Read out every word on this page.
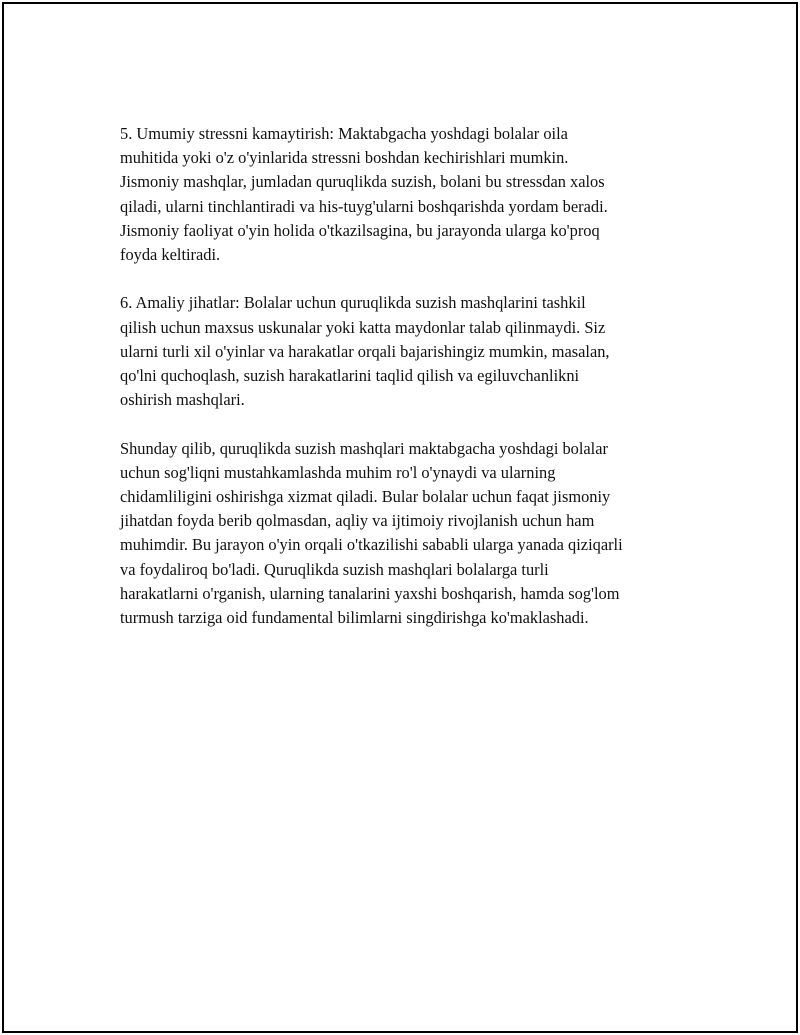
5. Umumiy stressni kamaytirish: Maktabgacha yoshdagi bolalar oila
muhitida yoki o'z o'yinlarida stressni boshdan kechirishlari mumkin.
Jismoniy mashqlar, jumladan quruqlikda suzish, bolani bu stressdan xalos
qiladi, ularni tinchlantiradi va his-tuyg'ularni boshqarishda yordam beradi.
Jismoniy faoliyat o'yin holida o'tkazilsagina, bu jarayonda ularga ko'proq
foyda keltiradi.

6. Amaliy jihatlar: Bolalar uchun quruqlikda suzish mashqlarini tashkil
qilish uchun maxsus uskunalar yoki katta maydonlar talab qilinmaydi. Siz
ularni turli xil o'yinlar va harakatlar orqali bajarishingiz mumkin, masalan,
qo'lni quchoqlash, suzish harakatlarini taqlid qilish va egiluvchanlikni
oshirish mashqlari.

Shunday qilib, quruqlikda suzish mashqlari maktabgacha yoshdagi bolalar
uchun sog'liqni mustahkamlashda muhim ro'l o'ynaydi va ularning
chidamliligini oshirishga xizmat qiladi. Bular bolalar uchun faqat jismoniy
jihatdan foyda berib qolmasdan, aqliy va ijtimoiy rivojlanish uchun ham
muhimdir. Bu jarayon o'yin orqali o'tkazilishi sababli ularga yanada qiziqarli
va foydaliroq bo'ladi. Quruqlikda suzish mashqlari bolalarga turli
harakatlarni o'rganish, ularning tanalarini yaxshi boshqarish, hamda sog'lom
turmush tarziga oid fundamental bilimlarni singdirishga ko'maklashadi.
